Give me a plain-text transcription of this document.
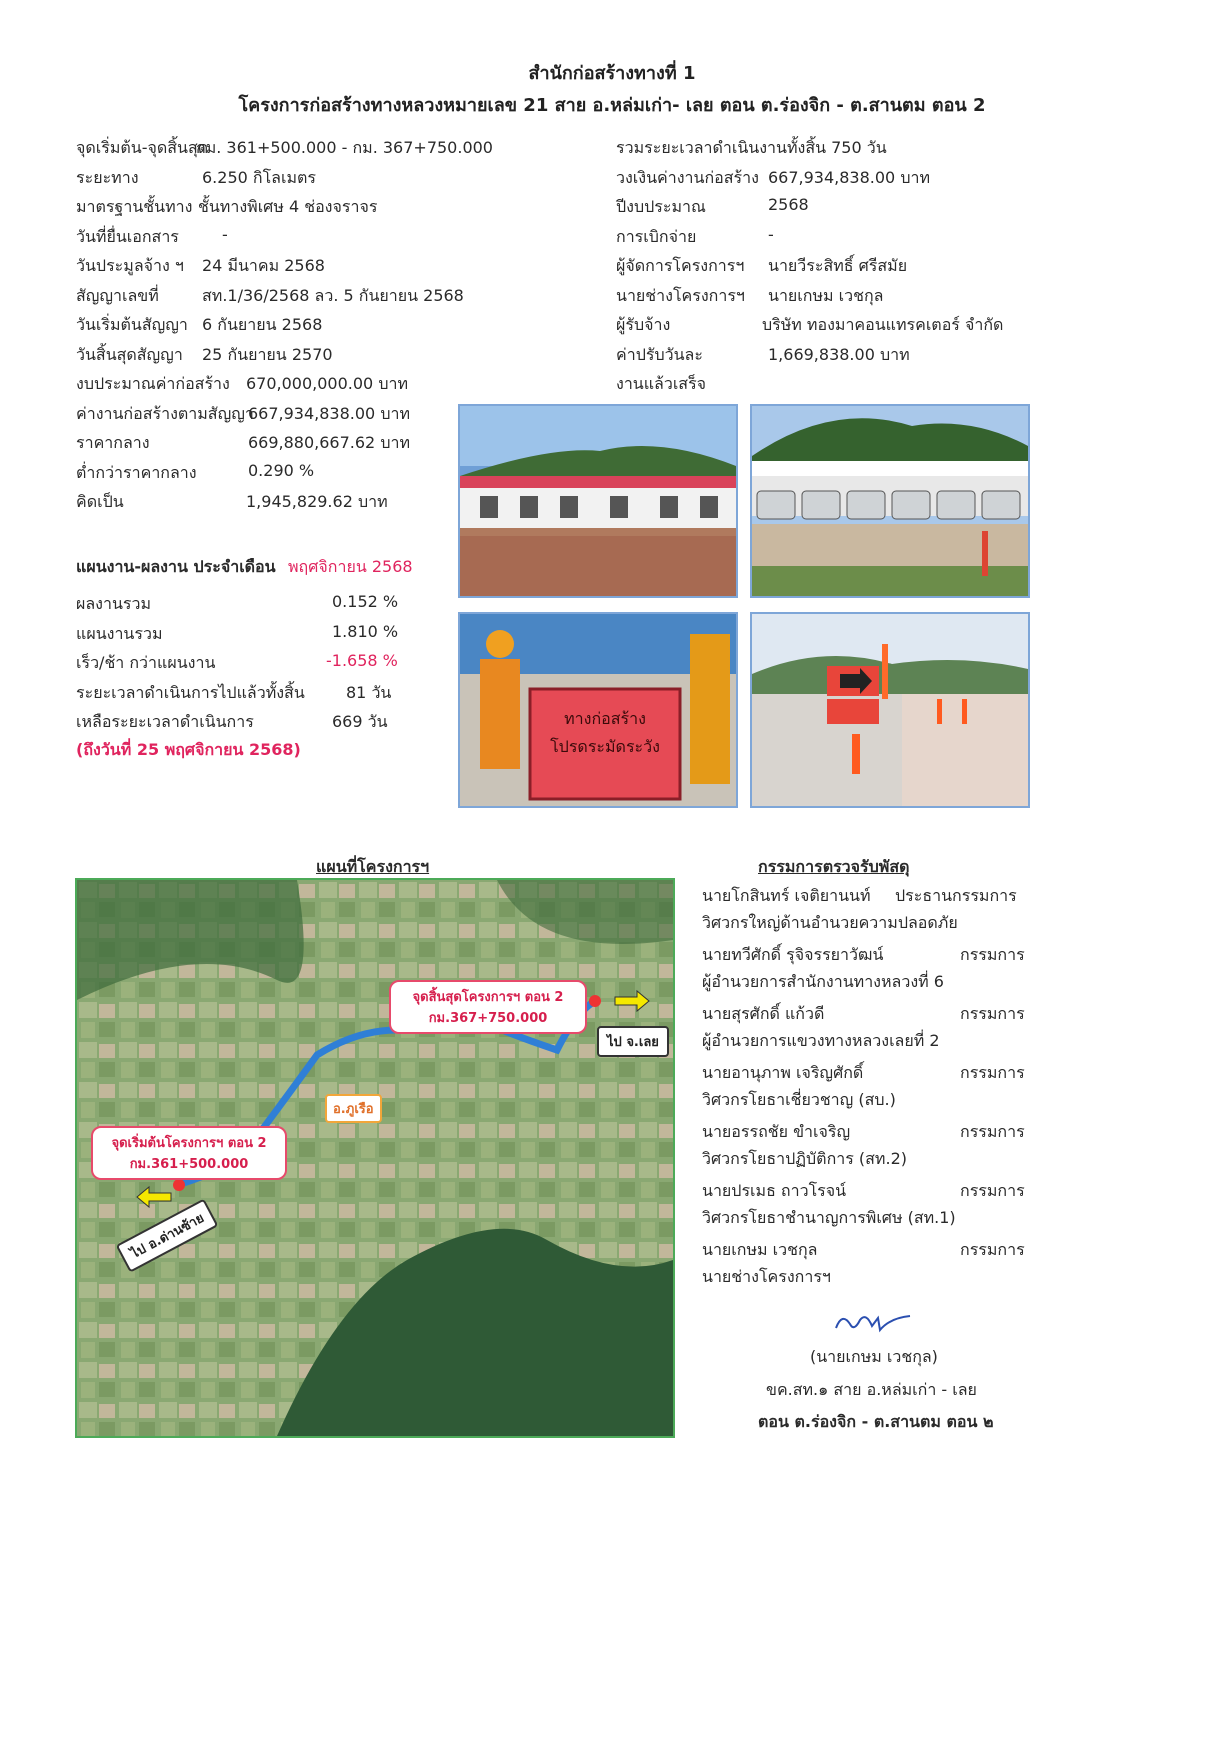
สำนักก่อสร้างทางที่ 1
โครงการก่อสร้างทางหลวงหมายเลข 21 สาย อ.หล่มเก่า- เลย ตอน ต.ร่องจิก - ต.สานตม ตอน 2
จุดเริ่มต้น-จุดสิ้นสุด
กม. 361+500.000 - กม. 367+750.000
ระยะทาง	6.250 กิโลเมตร
มาตรฐานชั้นทาง ชั้นทางพิเศษ 4 ช่องจราจร
วันที่ยื่นเอกสาร	-
วันประมูลจ้าง ฯ 24 มีนาคม 2568
สัญญาเลขที่	สท.1/36/2568 ลว. 5 กันยายน 2568
วันเริ่มต้นสัญญา 6 กันยายน 2568
วันสิ้นสุดสัญญา 25 กันยายน 2570
งบประมาณค่าก่อสร้าง 670,000,000.00 บาท
ค่างานก่อสร้างตามสัญญา
667,934,838.00 บาท
ราคากลาง	669,880,667.62 บาท
ต่ำกว่าราคากลาง	0.290 %
คิดเป็น	1,945,829.62 บาท
รวมระยะเวลาดำเนินงานทั้งสิ้น 750 วัน
วงเงินค่างานก่อสร้าง 667,934,838.00 บาท
ปีงบประมาณ	2568
การเบิกจ่าย	-
ผู้จัดการโครงการฯ นายวีระสิทธิ์ ศรีสมัย
นายช่างโครงการฯ นายเกษม เวชกุล
ผู้รับจ้าง	บริษัท ทองมาคอนแทรคเตอร์ จำกัด
ค่าปรับวันละ	1,669,838.00 บาท
งานแล้วเสร็จ
แผนงาน-ผลงาน ประจำเดือน พฤศจิกายน 2568
ผลงานรวม	0.152 %
แผนงานรวม	1.810 %
เร็ว/ช้า กว่าแผนงาน	-1.658 %
ระยะเวลาดำเนินการไปแล้วทั้งสิ้น	81 วัน
เหลือระยะเวลาดำเนินการ	669 วัน
(ถึงวันที่ 25 พฤศจิกายน 2568)
ทางก่อสร้าง
โปรดระมัดระวัง
แผนที่โครงการฯ
จุดสิ้นสุดโครงการฯ ตอน 2
กม.367+750.000
จุดเริ่มต้นโครงการฯ ตอน 2
กม.361+500.000
อ.ภูเรือ
ไป จ.เลย
ไป อ.ด่านซ้าย
กรรมการตรวจรับพัสดุ
นายโกสินทร์ เจติยานนท์ ประธานกรรมการ
วิศวกรใหญ่ด้านอำนวยความปลอดภัย
นายทวีศักดิ์ รุจิจรรยาวัฒน์	กรรมการ
ผู้อำนวยการสำนักงานทางหลวงที่ 6
นายสุรศักดิ์ แก้วดี	กรรมการ
ผู้อำนวยการแขวงทางหลวงเลยที่ 2
นายอานุภาพ เจริญศักดิ์	กรรมการ
วิศวกรโยธาเชี่ยวชาญ (สบ.)
นายอรรถชัย ขำเจริญ	กรรมการ
วิศวกรโยธาปฏิบัติการ (สท.2)
นายปรเมธ ถาวโรจน์	กรรมการ
วิศวกรโยธาชำนาญการพิเศษ (สท.1)
นายเกษม เวชกุล	กรรมการ
นายช่างโครงการฯ
(นายเกษม เวชกุล)
ขค.สท.๑ สาย อ.หล่มเก่า - เลย
ตอน ต.ร่องจิก - ต.สานตม ตอน ๒
